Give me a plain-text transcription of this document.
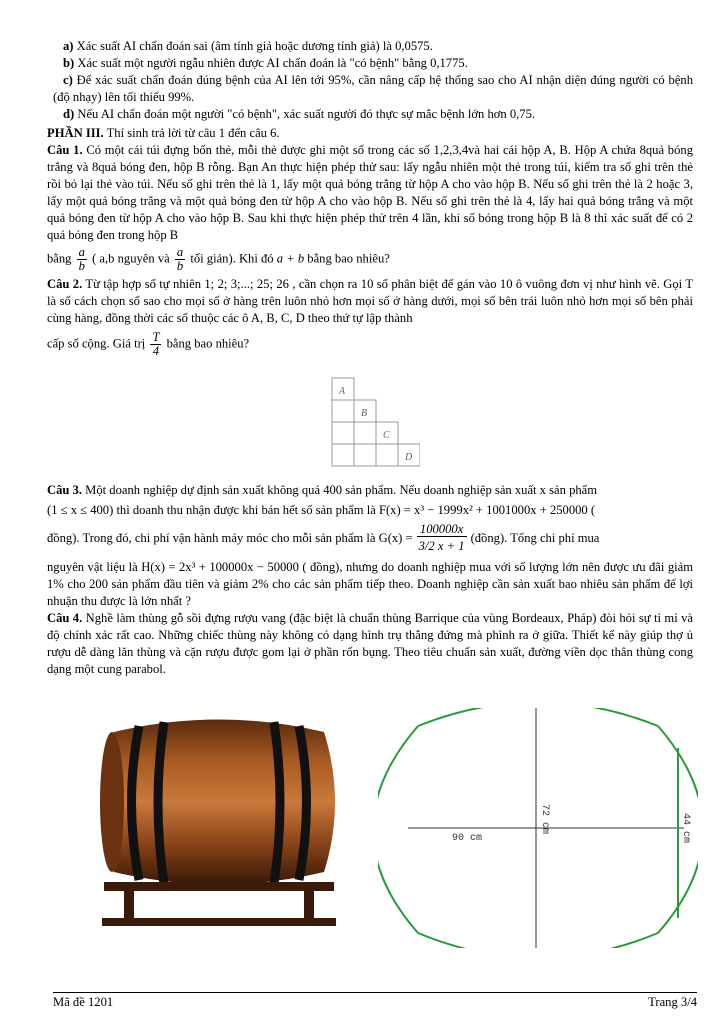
a) Xác suất AI chẩn đoán sai (âm tính giả hoặc dương tính giả) là 0,0575.

b) Xác suất một người ngẫu nhiên được AI chẩn đoán là "có bệnh" bằng 0,1775.

c) Để xác suất chẩn đoán đúng bệnh của AI lên tới 95%, cần nâng cấp hệ thống sao cho AI nhận diện đúng người có bệnh (độ nhạy) lên tối thiểu 99%.

d) Nếu AI chẩn đoán một người "có bệnh", xác suất người đó thực sự mắc bệnh lớn hơn 0,75.

PHẦN III. Thí sinh trả lời từ câu 1 đến câu 6.

Câu 1. Có một cái túi đựng bốn thẻ, mỗi thẻ được ghi một số trong các số 1,2,3,4và hai cái hộp A, B. Hộp A chứa 8quả bóng trắng và 8quả bóng đen, hộp B rỗng. Bạn An thực hiện phép thử sau: lấy ngẫu nhiên một thẻ trong túi, kiểm tra số ghi trên thẻ rồi bỏ lại thẻ vào túi. Nếu số ghi trên thẻ là 1, lấy một quả bóng trắng từ hộp A cho vào hộp B. Nếu số ghi trên thẻ là 2 hoặc 3, lấy một quả bóng trắng và một quả bóng đen từ hộp A cho vào hộp B. Nếu số ghi trên thẻ là 4, lấy hai quả bóng trắng và một quả bóng đen từ hộp A cho vào hộp B. Sau khi thực hiện phép thử trên 4 lần, khi số bóng trong hộp B là 8 thì xác suất để có 2 quả bóng đen trong hộp B

bằng $\frac{a}{b}$ ( a,b nguyên và $\frac{a}{b}$ tối giản). Khi đó a + b bằng bao nhiêu?

Câu 2. Từ tập hợp số tự nhiên 1; 2; 3;...; 25; 26 , cần chọn ra 10 số phân biệt để gán vào 10 ô vuông đơn vị như hình vẽ. Gọi T là số cách chọn số sao cho mọi số ở hàng trên luôn nhỏ hơn mọi số ở hàng dưới, mọi số bên trái luôn nhỏ hơn mọi số bên phải cùng hàng, đồng thời các số thuộc các ô A, B, C, D theo thứ tự lập thành

cấp số cộng. Giá trị $\frac{T}{4}$ bằng bao nhiêu?

A
B
C
D

Câu 3. Một doanh nghiệp dự định sản xuất không quá 400 sản phẩm. Nếu doanh nghiệp sản xuất x sản phẩm

(1 ≤ x ≤ 400) thì doanh thu nhận được khi bán hết số sản phẩm là F(x) = x³ − 1999x² + 1001000x + 250000 (

đồng). Trong đó, chi phí vận hành máy móc cho mỗi sản phẩm là $G(x) = \frac{100000x}{3/2 x + 1}$ (đồng). Tổng chi phí mua

nguyên vật liệu là H(x) = 2x³ + 100000x − 50000 ( đồng), nhưng do doanh nghiệp mua với số lượng lớn nên được ưu đãi giảm 1% cho 200 sản phẩm đầu tiên và giảm 2% cho các sản phẩm tiếp theo. Doanh nghiệp cần sản xuất bao nhiêu sản phẩm để lợi nhuận thu được là lớn nhất ?

Câu 4. Nghề làm thùng gỗ sồi đựng rượu vang (đặc biệt là chuẩn thùng Barrique của vùng Bordeaux, Pháp) đòi hỏi sự tỉ mỉ và độ chính xác rất cao. Những chiếc thùng này không có dạng hình trụ thẳng đứng mà phình ra ở giữa. Thiết kế này giúp thợ ủ rượu dễ dàng lăn thùng và cặn rượu được gom lại ở phần rốn bụng. Theo tiêu chuẩn sản xuất, đường viền dọc thân thùng cong dạng một cung parabol.

90 cm
72 cm	44 cm
Mã đề 1201	Trang 3/4
